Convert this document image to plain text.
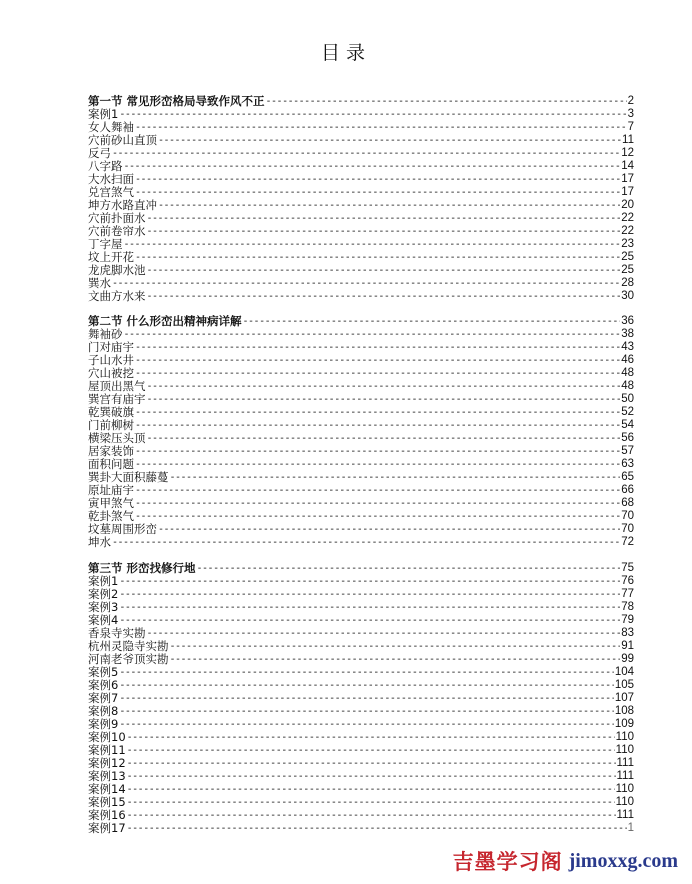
目录
第一节 常见形峦格局导致作风不正 -----	2
案例1 -----	3
女人舞袖 -----	7
穴前砂山直顶 -----	11
反弓 -----	12
八字路 -----	14
大水扫面 -----	17
兑宫煞气 -----	17
坤方水路直冲 -----	20
穴前扑面水 -----	22
穴前卷帘水 -----	22
丁字屋 -----	23
坟上开花 -----	25
龙虎脚水池 -----	25
巽水 -----	28
文曲方水来 -----	30
第二节 什么形峦出精神病详解 -----	36
舞袖砂 -----	38
门对庙宇 -----	43
子山水井 -----	46
穴山被挖 -----	48
屋顶出黑气 -----	48
巽宫有庙宇 -----	50
乾巽破旗 -----	52
门前柳树 -----	54
横梁压头顶 -----	56
居家装饰 -----	57
面积问题 -----	63
巽卦大面积藤蔓 -----	65
原址庙宇 -----	66
寅甲煞气 -----	68
乾卦煞气 -----	70
坟墓周围形峦 -----	70
坤水 -----	72
第三节 形峦找修行地 -----	75
案例1 -----	76
案例2 -----	77
案例3 -----	78
案例4 -----	79
香泉寺实勘 -----	83
杭州灵隐寺实勘 -----	91
河南老爷顶实勘 -----	99
案例5 -----	104
案例6 -----	105
案例7 -----	107
案例8 -----	108
案例9 -----	109
案例10 -----	110
案例11 -----	110
案例12 -----	111
案例13 -----	111
案例14 -----	110
案例15 -----	110
案例16 -----	111
案例17 -----	1
吉墨学习阁 jimoxxg.com
